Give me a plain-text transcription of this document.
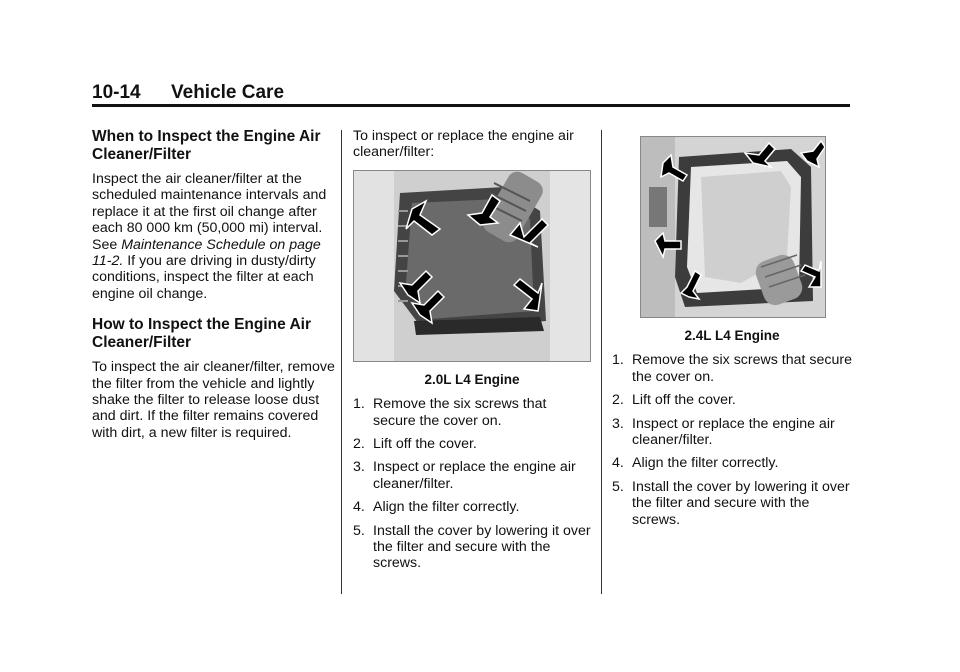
10-14 Vehicle Care
When to Inspect the Engine Air Cleaner/Filter

Inspect the air cleaner/filter at the scheduled maintenance intervals and replace it at the first oil change after each 80 000 km (50,000 mi) interval. See Maintenance Schedule on page 11-2. If you are driving in dusty/dirty conditions, inspect the filter at each engine oil change.

How to Inspect the Engine Air Cleaner/Filter

To inspect the air cleaner/filter, remove the filter from the vehicle and lightly shake the filter to release loose dust and dirt. If the filter remains covered with dirt, a new filter is required.

To inspect or replace the engine air cleaner/filter:

2.0L L4 Engine
1. Remove the six screws that secure the cover on.
2. Lift off the cover.
3. Inspect or replace the engine air cleaner/filter.
4. Align the filter correctly.
5. Install the cover by lowering it over the filter and secure with the screws.
2.4L L4 Engine
1. Remove the six screws that secure the cover on.
2. Lift off the cover.
3. Inspect or replace the engine air cleaner/filter.
4. Align the filter correctly.
5. Install the cover by lowering it over the filter and secure with the screws.
